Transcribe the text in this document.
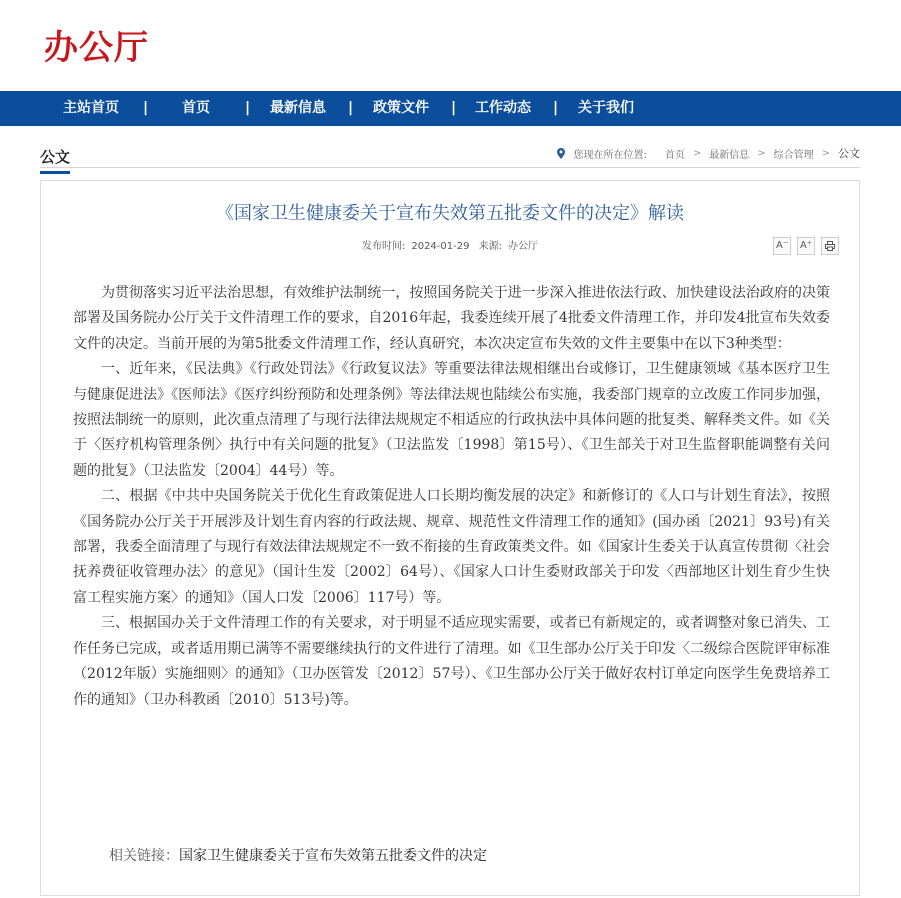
办公厅
主站首页 | 首页	| 最新信息 | 政策文件 | 工作动态 | 关于我们
公文	您现在所在位置: 首页 > 最新信息 > 综合管理 > 公文
《国家卫生健康委关于宣布失效第五批委文件的决定》解读
发布时间: 2024-01-29 来源: 办公厅	A⁻ A⁺

为贯彻落实习近平法治思想，有效维护法制统一，按照国务院关于进一步深入推进依法行政、加快建设法治政府的决策部署及国务院办公厅关于文件清理工作的要求，自2016年起，我委连续开展了4批委文件清理工作，并印发4批宣布失效委文件的决定。当前开展的为第5批委文件清理工作，经认真研究，本次决定宣布失效的文件主要集中在以下3种类型：

一、近年来，《民法典》《行政处罚法》《行政复议法》等重要法律法规相继出台或修订，卫生健康领域《基本医疗卫生与健康促进法》《医师法》《医疗纠纷预防和处理条例》等法律法规也陆续公布实施，我委部门规章的立改废工作同步加强，按照法制统一的原则，此次重点清理了与现行法律法规规定不相适应的行政执法中具体问题的批复类、解释类文件。如《关于〈医疗机构管理条例〉执行中有关问题的批复》（卫法监发〔1998〕第15号）、《卫生部关于对卫生监督职能调整有关问题的批复》（卫法监发〔2004〕44号）等。

二、根据《中共中央国务院关于优化生育政策促进人口长期均衡发展的决定》和新修订的《人口与计划生育法》，按照《国务院办公厅关于开展涉及计划生育内容的行政法规、规章、规范性文件清理工作的通知》(国办函〔2021〕93号)有关部署，我委全面清理了与现行有效法律法规规定不一致不衔接的生育政策类文件。如《国家计生委关于认真宣传贯彻〈社会抚养费征收管理办法〉的意见》（国计生发〔2002〕64号）、《国家人口计生委财政部关于印发〈西部地区计划生育少生快富工程实施方案〉的通知》（国人口发〔2006〕117号）等。

三、根据国办关于文件清理工作的有关要求，对于明显不适应现实需要，或者已有新规定的，或者调整对象已消失、工作任务已完成，或者适用期已满等不需要继续执行的文件进行了清理。如《卫生部办公厅关于印发〈二级综合医院评审标准（2012年版）实施细则〉的通知》（卫办医管发〔2012〕57号）、《卫生部办公厅关于做好农村订单定向医学生免费培养工作的通知》（卫办科教函〔2010〕513号)等。

相关链接：国家卫生健康委关于宣布失效第五批委文件的决定
